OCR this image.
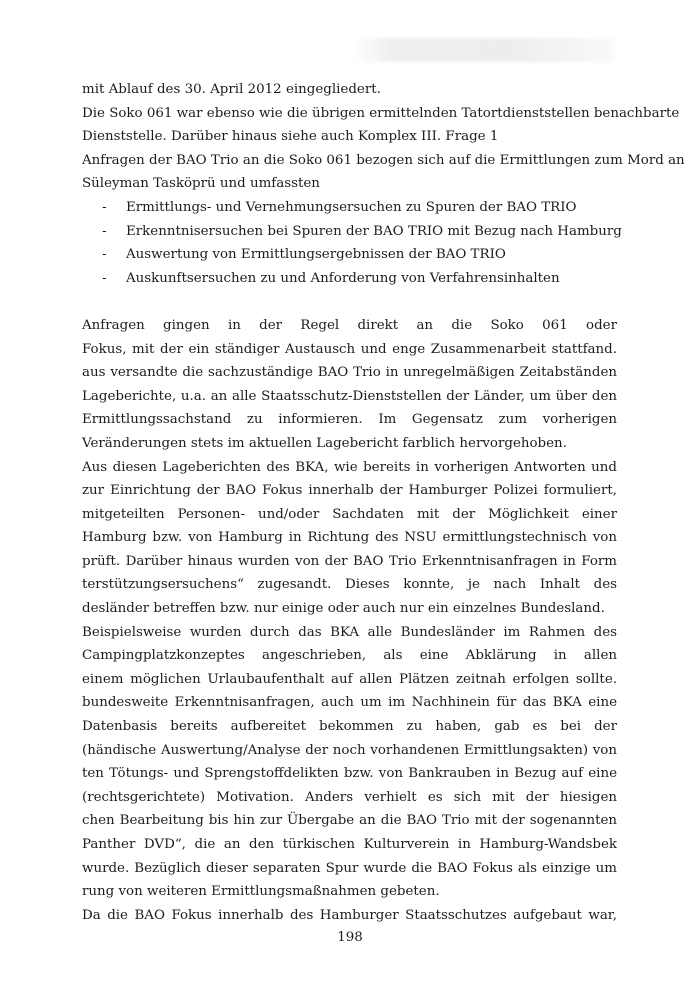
mit Ablauf des 30. April 2012 eingegliedert.
Die Soko 061 war ebenso wie die übrigen ermittelnden Tatortdienststellen benachbarte
Dienststelle. Darüber hinaus siehe auch Komplex III. Frage 1
Anfragen der BAO Trio an die Soko 061 bezogen sich auf die Ermittlungen zum Mord an
Süleyman Tasköprü und umfassten
- Ermittlungs- und Vernehmungsersuchen zu Spuren der BAO TRIO
- Erkenntnisersuchen bei Spuren der BAO TRIO mit Bezug nach Hamburg
- Auswertung von Ermittlungsergebnissen der BAO TRIO
- Auskunftsersuchen zu und Anforderung von Verfahrensinhalten
Anfragen gingen in der Regel direkt an die Soko 061 oder
Fokus, mit der ein ständiger Austausch und enge Zusammenarbeit stattfand.
aus versandte die sachzuständige BAO Trio in unregelmäßigen Zeitabständen
Lageberichte, u.a. an alle Staatsschutz-Dienststellen der Länder, um über den
Ermittlungssachstand zu informieren. Im Gegensatz zum vorherigen
Veränderungen stets im aktuellen Lagebericht farblich hervorgehoben.
Aus diesen Lageberichten des BKA, wie bereits in vorherigen Antworten und
zur Einrichtung der BAO Fokus innerhalb der Hamburger Polizei formuliert,
mitgeteilten Personen- und/oder Sachdaten mit der Möglichkeit einer
Hamburg bzw. von Hamburg in Richtung des NSU ermittlungstechnisch von
prüft. Darüber hinaus wurden von der BAO Trio Erkenntnisanfragen in Form
terstützungsersuchens“ zugesandt. Dieses konnte, je nach Inhalt des
desländer betreffen bzw. nur einige oder auch nur ein einzelnes Bundesland.
Beispielsweise wurden durch das BKA alle Bundesländer im Rahmen des
Campingplatzkonzeptes angeschrieben, als eine Abklärung in allen
einem möglichen Urlaubaufenthalt auf allen Plätzen zeitnah erfolgen sollte.
bundesweite Erkenntnisanfragen, auch um im Nachhinein für das BKA eine
Datenbasis bereits aufbereitet bekommen zu haben, gab es bei der
(händische Auswertung/Analyse der noch vorhandenen Ermittlungsakten) von
ten Tötungs- und Sprengstoffdelikten bzw. von Bankrauben in Bezug auf eine
(rechtsgerichtete) Motivation. Anders verhielt es sich mit der hiesigen
chen Bearbeitung bis hin zur Übergabe an die BAO Trio mit der sogenannten
Panther DVD“, die an den türkischen Kulturverein in Hamburg-Wandsbek
wurde. Bezüglich dieser separaten Spur wurde die BAO Fokus als einzige um
rung von weiteren Ermittlungsmaßnahmen gebeten.
Da die BAO Fokus innerhalb des Hamburger Staatsschutzes aufgebaut war,
198
